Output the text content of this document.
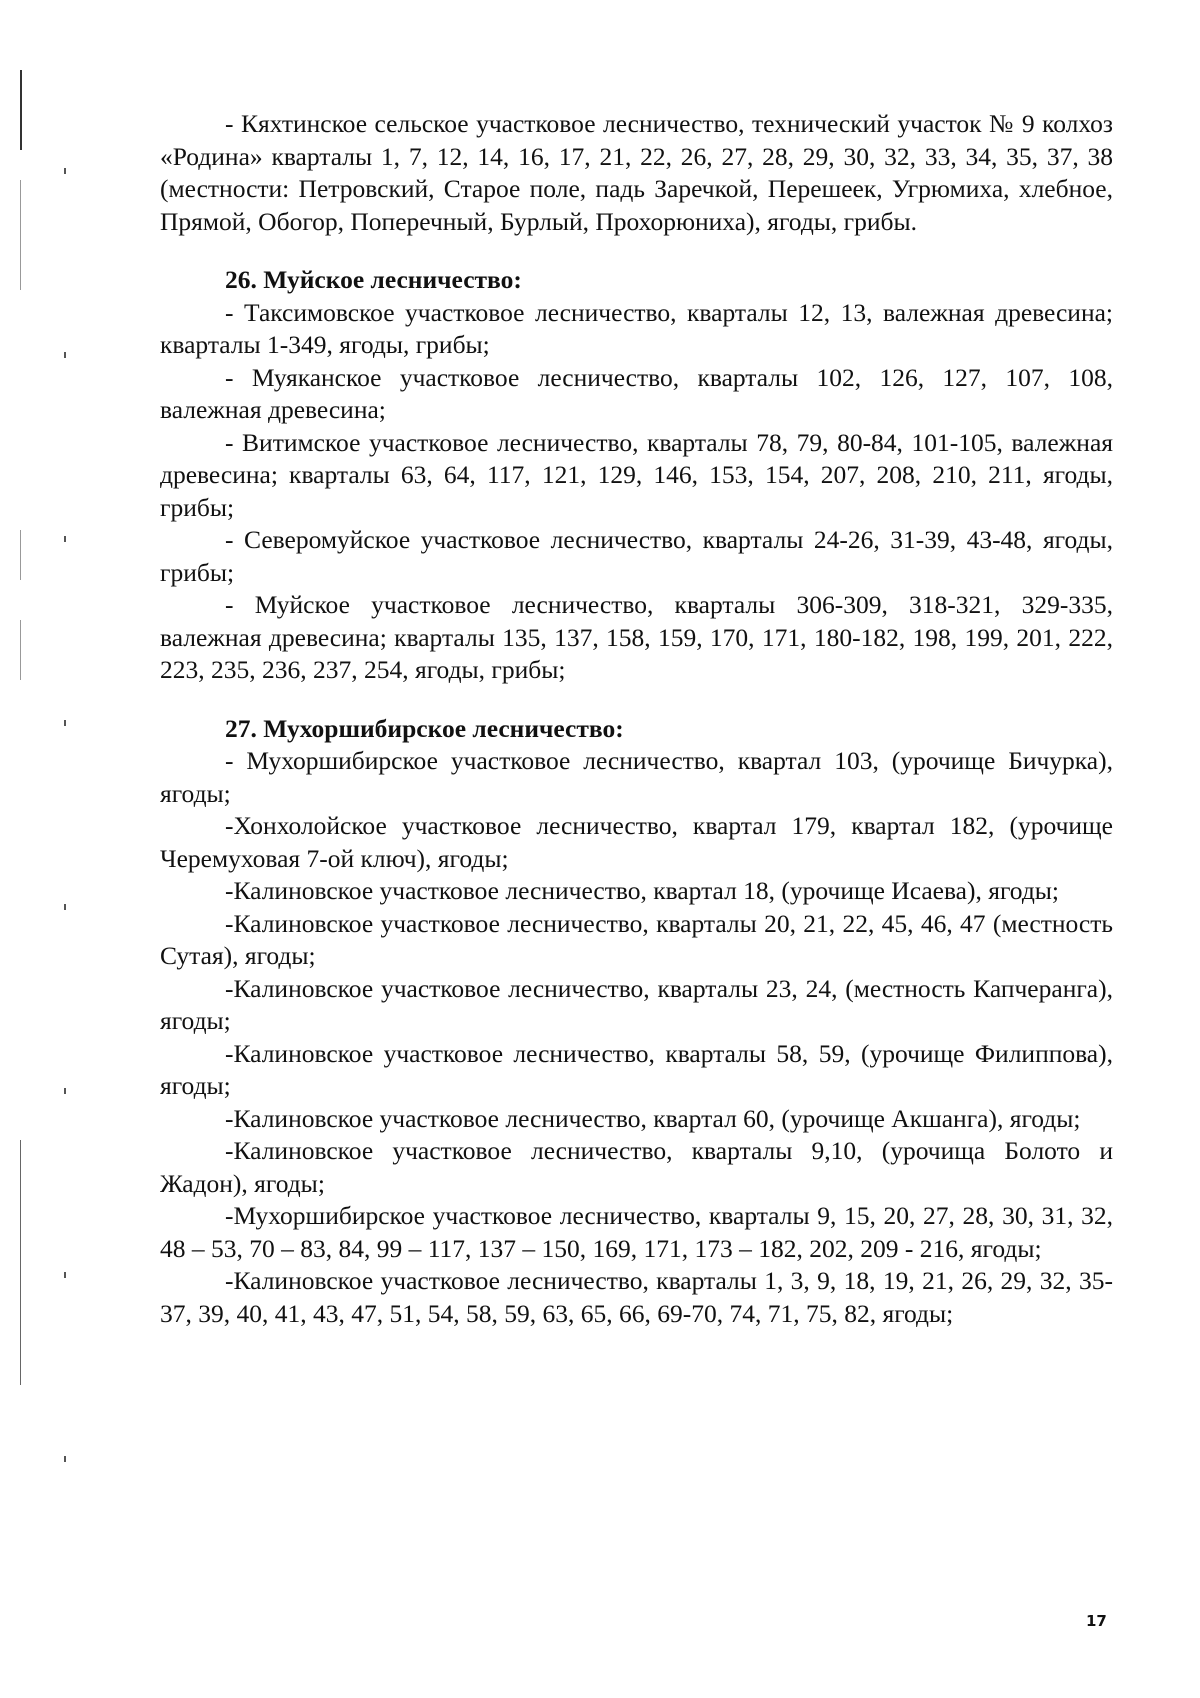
- Кяхтинское сельское участковое лесничество, технический участок № 9 колхоз «Родина» кварталы 1, 7, 12, 14, 16, 17, 21, 22, 26, 27, 28, 29, 30, 32, 33, 34, 35, 37, 38 (местности: Петровский, Старое поле, падь Заречкой, Перешеек, Угрюмиха, хлебное, Прямой, Обогор, Поперечный, Бурлый, Прохорюниха), ягоды, грибы.

26. Муйское лесничество:

- Таксимовское участковое лесничество, кварталы 12, 13, валежная древесина; кварталы 1-349, ягоды, грибы;

- Муяканское участковое лесничество, кварталы 102, 126, 127, 107, 108, валежная древесина;

- Витимское участковое лесничество, кварталы 78, 79, 80-84, 101-105, валежная древесина; кварталы 63, 64, 117, 121, 129, 146, 153, 154, 207, 208, 210, 211, ягоды, грибы;

- Северомуйское участковое лесничество, кварталы 24-26, 31-39, 43-48, ягоды, грибы;

- Муйское участковое лесничество, кварталы 306-309, 318-321, 329-335, валежная древесина; кварталы 135, 137, 158, 159, 170, 171, 180-182, 198, 199, 201, 222, 223, 235, 236, 237, 254, ягоды, грибы;

27. Мухоршибирское лесничество:

- Мухоршибирское участковое лесничество, квартал 103, (урочище Бичурка), ягоды;

-Хонхолойское участковое лесничество, квартал 179, квартал 182, (урочище Черемуховая 7-ой ключ), ягоды;

-Калиновское участковое лесничество, квартал 18, (урочище Исаева), ягоды;

-Калиновское участковое лесничество, кварталы 20, 21, 22, 45, 46, 47 (местность Сутая), ягоды;

-Калиновское участковое лесничество, кварталы 23, 24, (местность Капчеранга), ягоды;

-Калиновское участковое лесничество, кварталы 58, 59, (урочище Филиппова), ягоды;

-Калиновское участковое лесничество, квартал 60, (урочище Акшанга), ягоды;

-Калиновское участковое лесничество, кварталы 9,10, (урочища Болото и Жадон), ягоды;

-Мухоршибирское участковое лесничество, кварталы 9, 15, 20, 27, 28, 30, 31, 32, 48 – 53, 70 – 83, 84, 99 – 117, 137 – 150, 169, 171, 173 – 182, 202, 209 - 216, ягоды;

-Калиновское участковое лесничество, кварталы 1, 3, 9, 18, 19, 21, 26, 29, 32, 35-37, 39, 40, 41, 43, 47, 51, 54, 58, 59, 63, 65, 66, 69-70, 74, 71, 75, 82, ягоды;

17
